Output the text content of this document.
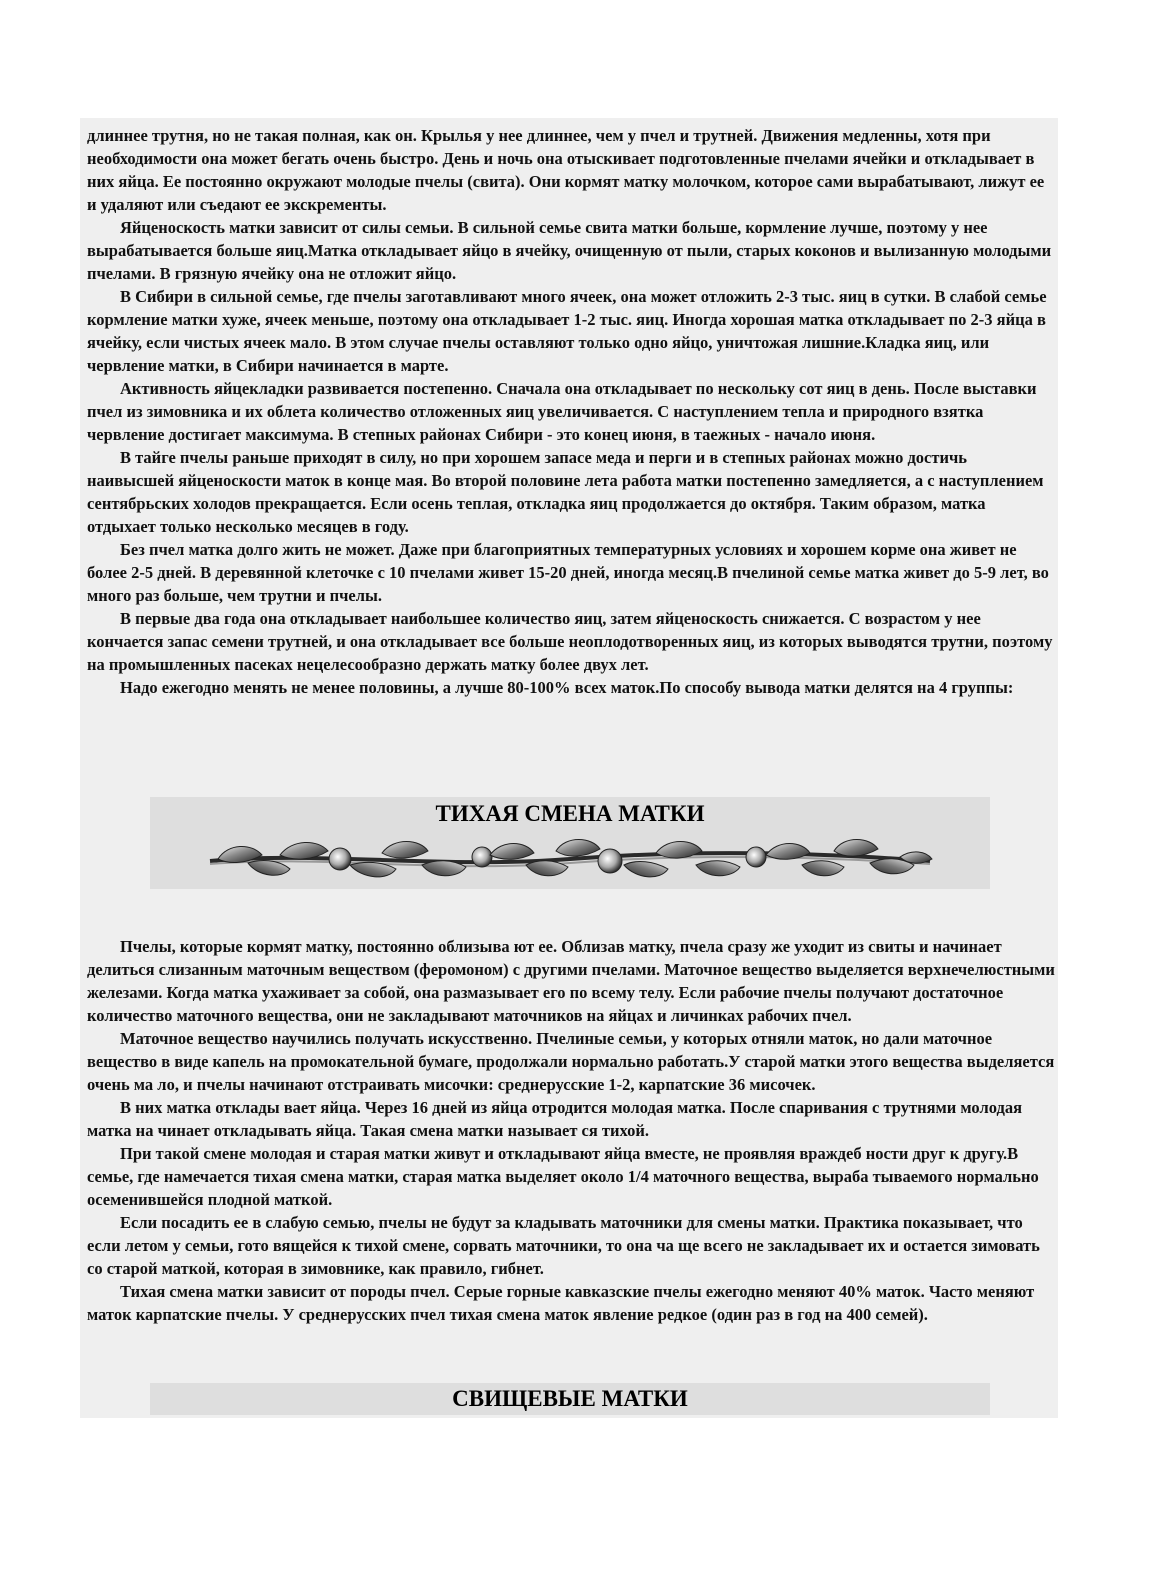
длиннее трутня, но не такая полная, как он. Крылья у нее длиннее, чем у пчел и трутней. Движения медленны, хотя при необходимости она может бегать очень быстро. День и ночь она отыскивает подготовленные пчелами ячейки и откладывает в них яйца. Ее постоянно окружают молодые пчелы (свита). Они кормят матку молочком, которое сами вырабатывают, лижут ее и удаляют или съедают ее экскременты.

Яйценоскость матки зависит от силы семьи. В сильной семье свита матки больше, кормление лучше, поэтому у нее вырабатывается больше яиц.Матка откладывает яйцо в ячейку, очищенную от пыли, старых коконов и вылизанную молодыми пчелами. В грязную ячейку она не отложит яйцо.

В Сибири в сильной семье, где пчелы заготавливают много ячеек, она может отложить 2-3 тыс. яиц в сутки. В слабой семье кормление матки хуже, ячеек меньше, поэтому она откладывает 1-2 тыс. яиц. Иногда хорошая матка откладывает по 2-3 яйца в ячейку, если чистых ячеек мало. В этом случае пчелы оставляют только одно яйцо, уничтожая лишние.Кладка яиц, или червление матки, в Сибири начинается в марте.

Активность яйцекладки развивается постепенно. Сначала она откладывает по нескольку сот яиц в день. После выставки пчел из зимовника и их облета количество отложенных яиц увеличивается. С наступлением тепла и природного взятка червление достигает максимума. В степных районах Сибири - это конец июня, в таежных - начало июня.

В тайге пчелы раньше приходят в силу, но при хорошем запасе меда и перги и в степных районах можно достичь наивысшей яйценоскости маток в конце мая. Во второй половине лета работа матки постепенно замедляется, а с наступлением сентябрьских холодов прекращается. Если осень теплая, откладка яиц продолжается до октября. Таким образом, матка отдыхает только несколько месяцев в году.

Без пчел матка долго жить не может. Даже при благоприятных температурных условиях и хорошем корме она живет не более 2-5 дней. В деревянной клеточке с 10 пчелами живет 15-20 дней, иногда месяц.В пчелиной семье матка живет до 5-9 лет, во много раз больше, чем трутни и пчелы.

В первые два года она откладывает наибольшее количество яиц, затем яйценоскость снижается. С возрастом у нее кончается запас семени трутней, и она откладывает все больше неоплодотворенных яиц, из которых выводятся трутни, поэтому на промышленных пасеках нецелесообразно держать матку более двух лет.

Надо ежегодно менять не менее половины, а лучше 80-100% всех маток.По способу вывода матки делятся на 4 группы:

ТИХАЯ СМЕНА МАТКИ

Пчелы, которые кормят матку, постоянно облизыва ют ее. Облизав матку, пчела сразу же уходит из свиты и начинает делиться слизанным маточным веществом (феромоном) с другими пчелами. Маточное вещество выделяется верхнечелюстными железами. Когда матка ухаживает за собой, она размазывает его по всему телу. Если рабочие пчелы получают достаточное количество маточного вещества, они не закладывают маточников на яйцах и личинках рабочих пчел.

Маточное вещество научились получать искусственно. Пчелиные семьи, у которых отняли маток, но дали маточное вещество в виде капель на промокательной бумаге, продолжали нормально работать.У старой матки этого вещества выделяется очень ма ло, и пчелы начинают отстраивать мисочки: среднерусские 1-2, карпатские 36 мисочек.

В них матка отклады вает яйца. Через 16 дней из яйца отродится молодая матка. После спаривания с трутнями молодая матка на чинает откладывать яйца. Такая смена матки называет ся тихой.

При такой смене молодая и старая матки живут и откладывают яйца вместе, не проявляя враждеб ности друг к другу.В семье, где намечается тихая смена матки, старая матка выделяет около 1/4 маточного вещества, выраба тываемого нормально осеменившейся плодной маткой.

Если посадить ее в слабую семью, пчелы не будут за кладывать маточники для смены матки. Практика показывает, что если летом у семьи, гото вящейся к тихой смене, сорвать маточники, то она ча ще всего не закладывает их и остается зимовать со старой маткой, которая в зимовнике, как правило, гибнет.

Тихая смена матки зависит от породы пчел. Серые горные кавказские пчелы ежегодно меняют 40% маток. Часто меняют маток карпатские пчелы. У среднерусских пчел тихая смена маток явление редкое (один раз в год на 400 семей).

СВИЩЕВЫЕ МАТКИ
